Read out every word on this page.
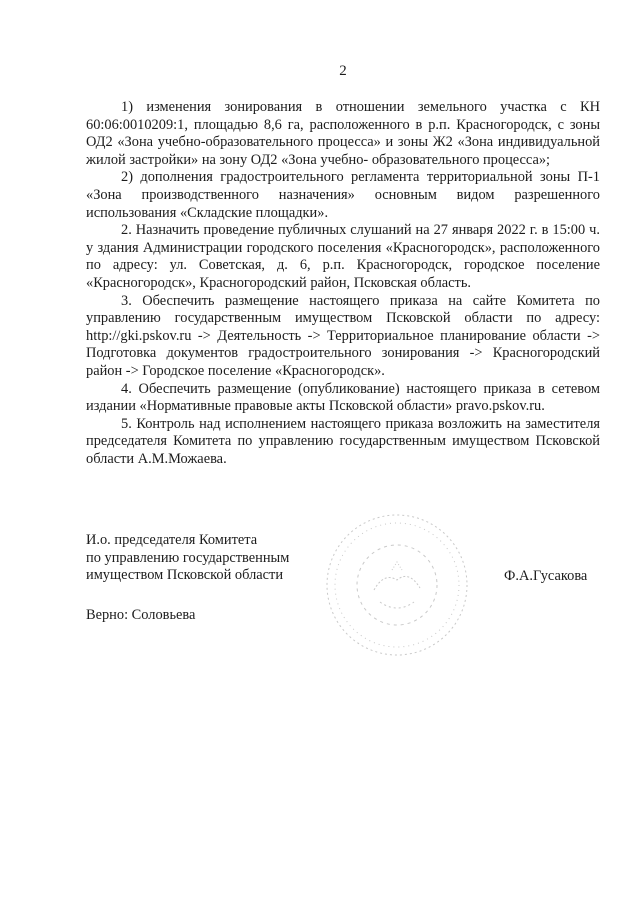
2

1) изменения зонирования в отношении земельного участка с КН 60:06:0010209:1, площадью 8,6 га, расположенного в р.п. Красногородск, с зоны ОД2 «Зона учебно-образовательного процесса» и зоны Ж2 «Зона индивидуальной жилой застройки» на зону ОД2 «Зона учебно- образовательного процесса»;

2) дополнения градостроительного регламента территориальной зоны П-1 «Зона производственного назначения» основным видом разрешенного использования «Складские площадки».

2. Назначить проведение публичных слушаний на 27 января 2022 г. в 15:00 ч. у здания Администрации городского поселения «Красногородск», расположенного по адресу: ул. Советская, д. 6, р.п. Красногородск, городское поселение «Красногородск», Красногородский район, Псковская область.

3. Обеспечить размещение настоящего приказа на сайте Комитета по управлению государственным имуществом Псковской области по адресу: http://gki.pskov.ru -> Деятельность -> Территориальное планирование области -> Подготовка документов градостроительного зонирования -> Красногородский район -> Городское поселение «Красногородск».

4. Обеспечить размещение (опубликование) настоящего приказа в сетевом издании «Нормативные правовые акты Псковской области» pravo.pskov.ru.

5. Контроль над исполнением настоящего приказа возложить на заместителя председателя Комитета по управлению государственным имуществом Псковской области А.М.Можаева.

И.о. председателя Комитета
по управлению государственным
имуществом Псковской области	Ф.А.Гусакова
Верно: Соловьева
